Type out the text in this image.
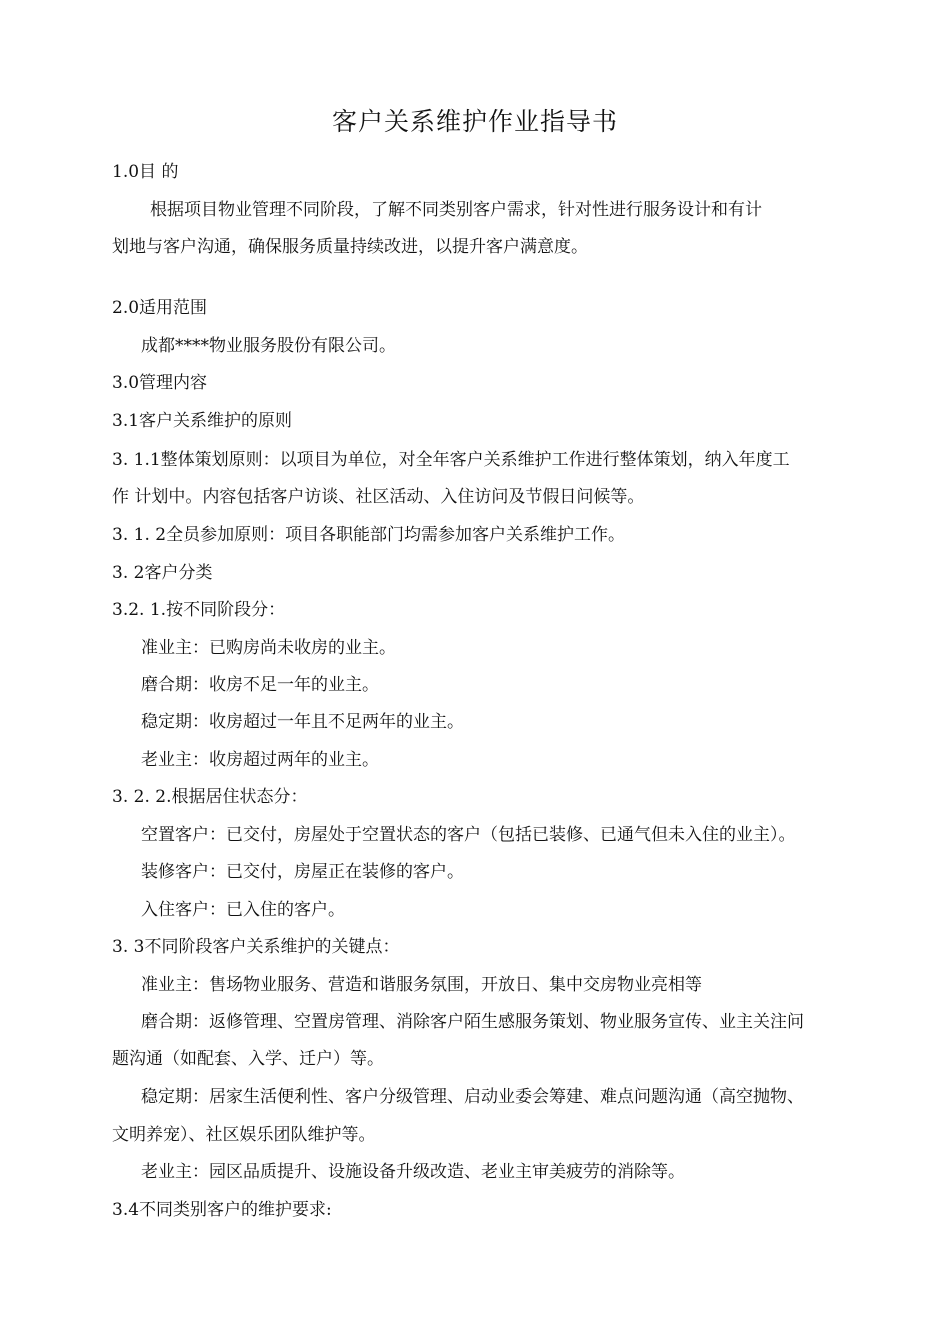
客户关系维护作业指导书
1.0目 的
根据项目物业管理不同阶段，了解不同类别客户需求，针对性进行服务设计和有计
划地与客户沟通，确保服务质量持续改进，以提升客户满意度。
2.0适用范围
成都****物业服务股份有限公司。
3.0管理内容
3.1客户关系维护的原则
3. 1.1整体策划原则：以项目为单位，对全年客户关系维护工作进行整体策划，纳入年度工
作 计划中。内容包括客户访谈、社区活动、入住访问及节假日问候等。
3. 1. 2全员参加原则：项目各职能部门均需参加客户关系维护工作。
3. 2客户分类
3.2. 1.按不同阶段分：
准业主：已购房尚未收房的业主。
磨合期：收房不足一年的业主。
稳定期：收房超过一年且不足两年的业主。
老业主：收房超过两年的业主。
3. 2. 2.根据居住状态分：
空置客户：已交付，房屋处于空置状态的客户（包括已装修、已通气但未入住的业主）。
装修客户：已交付，房屋正在装修的客户。
入住客户：已入住的客户。
3. 3不同阶段客户关系维护的关键点：
准业主：售场物业服务、营造和谐服务氛围，开放日、集中交房物业亮相等
磨合期：返修管理、空置房管理、消除客户陌生感服务策划、物业服务宣传、业主关注问
题沟通（如配套、入学、迁户）等。
稳定期：居家生活便利性、客户分级管理、启动业委会筹建、难点问题沟通（高空抛物、
文明养宠）、社区娱乐团队维护等。
老业主：园区品质提升、设施设备升级改造、老业主审美疲劳的消除等。
3.4不同类别客户的维护要求:
